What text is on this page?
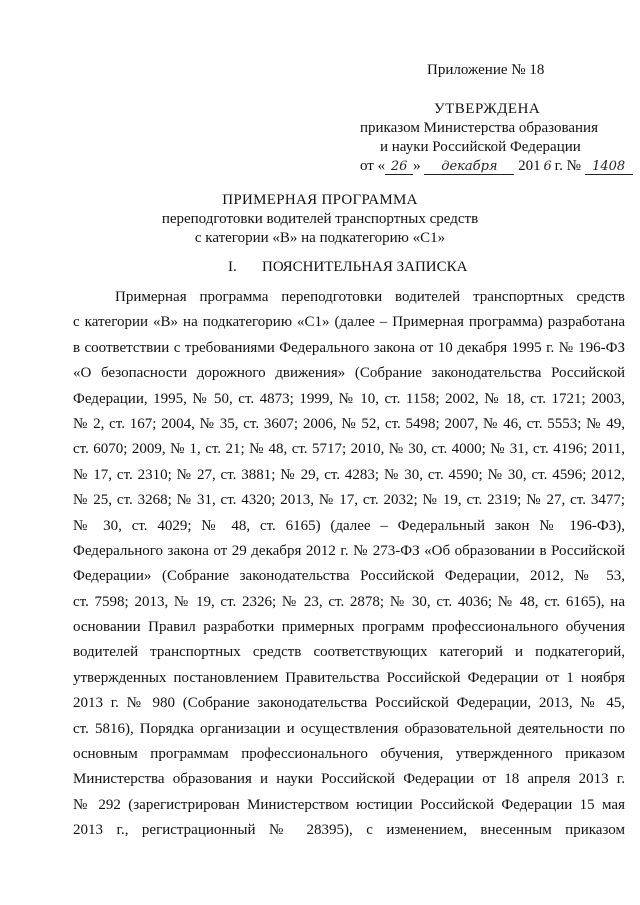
Приложение № 18
УТВЕРЖДЕНА
приказом Министерства образования
и науки Российской Федерации
от « 26 » декабря 201 6 г. № 1408
ПРИМЕРНАЯ ПРОГРАММА
переподготовки водителей транспортных средств
с категории «В» на подкатегорию «С1»
I. ПОЯСНИТЕЛЬНАЯ ЗАПИСКА
Примерная программа переподготовки водителей транспортных средств
с категории «В» на подкатегорию «С1» (далее – Примерная программа) разработана
в соответствии с требованиями Федерального закона от 10 декабря 1995 г. № 196-ФЗ
«О безопасности дорожного движения» (Собрание законодательства Российской
Федерации, 1995, № 50, ст. 4873; 1999, № 10, ст. 1158; 2002, № 18, ст. 1721; 2003,
№ 2, ст. 167; 2004, № 35, ст. 3607; 2006, № 52, ст. 5498; 2007, № 46, ст. 5553; № 49,
ст. 6070; 2009, № 1, ст. 21; № 48, ст. 5717; 2010, № 30, ст. 4000; № 31, ст. 4196; 2011,
№ 17, ст. 2310; № 27, ст. 3881; № 29, ст. 4283; № 30, ст. 4590; № 30, ст. 4596; 2012,
№ 25, ст. 3268; № 31, ст. 4320; 2013, № 17, ст. 2032; № 19, ст. 2319; № 27, ст. 3477;
№ 30, ст. 4029; № 48, ст. 6165) (далее – Федеральный закон № 196-ФЗ),
Федерального закона от 29 декабря 2012 г. № 273-ФЗ «Об образовании в Российской
Федерации» (Собрание законодательства Российской Федерации, 2012, № 53,
ст. 7598; 2013, № 19, ст. 2326; № 23, ст. 2878; № 30, ст. 4036; № 48, ст. 6165), на
основании Правил разработки примерных программ профессионального обучения
водителей транспортных средств соответствующих категорий и подкатегорий,
утвержденных постановлением Правительства Российской Федерации от 1 ноября
2013 г. № 980 (Собрание законодательства Российской Федерации, 2013, № 45,
ст. 5816), Порядка организации и осуществления образовательной деятельности по
основным программам профессионального обучения, утвержденного приказом
Министерства образования и науки Российской Федерации от 18 апреля 2013 г.
№ 292 (зарегистрирован Министерством юстиции Российской Федерации 15 мая
2013 г., регистрационный № 28395), с изменением, внесенным приказом
